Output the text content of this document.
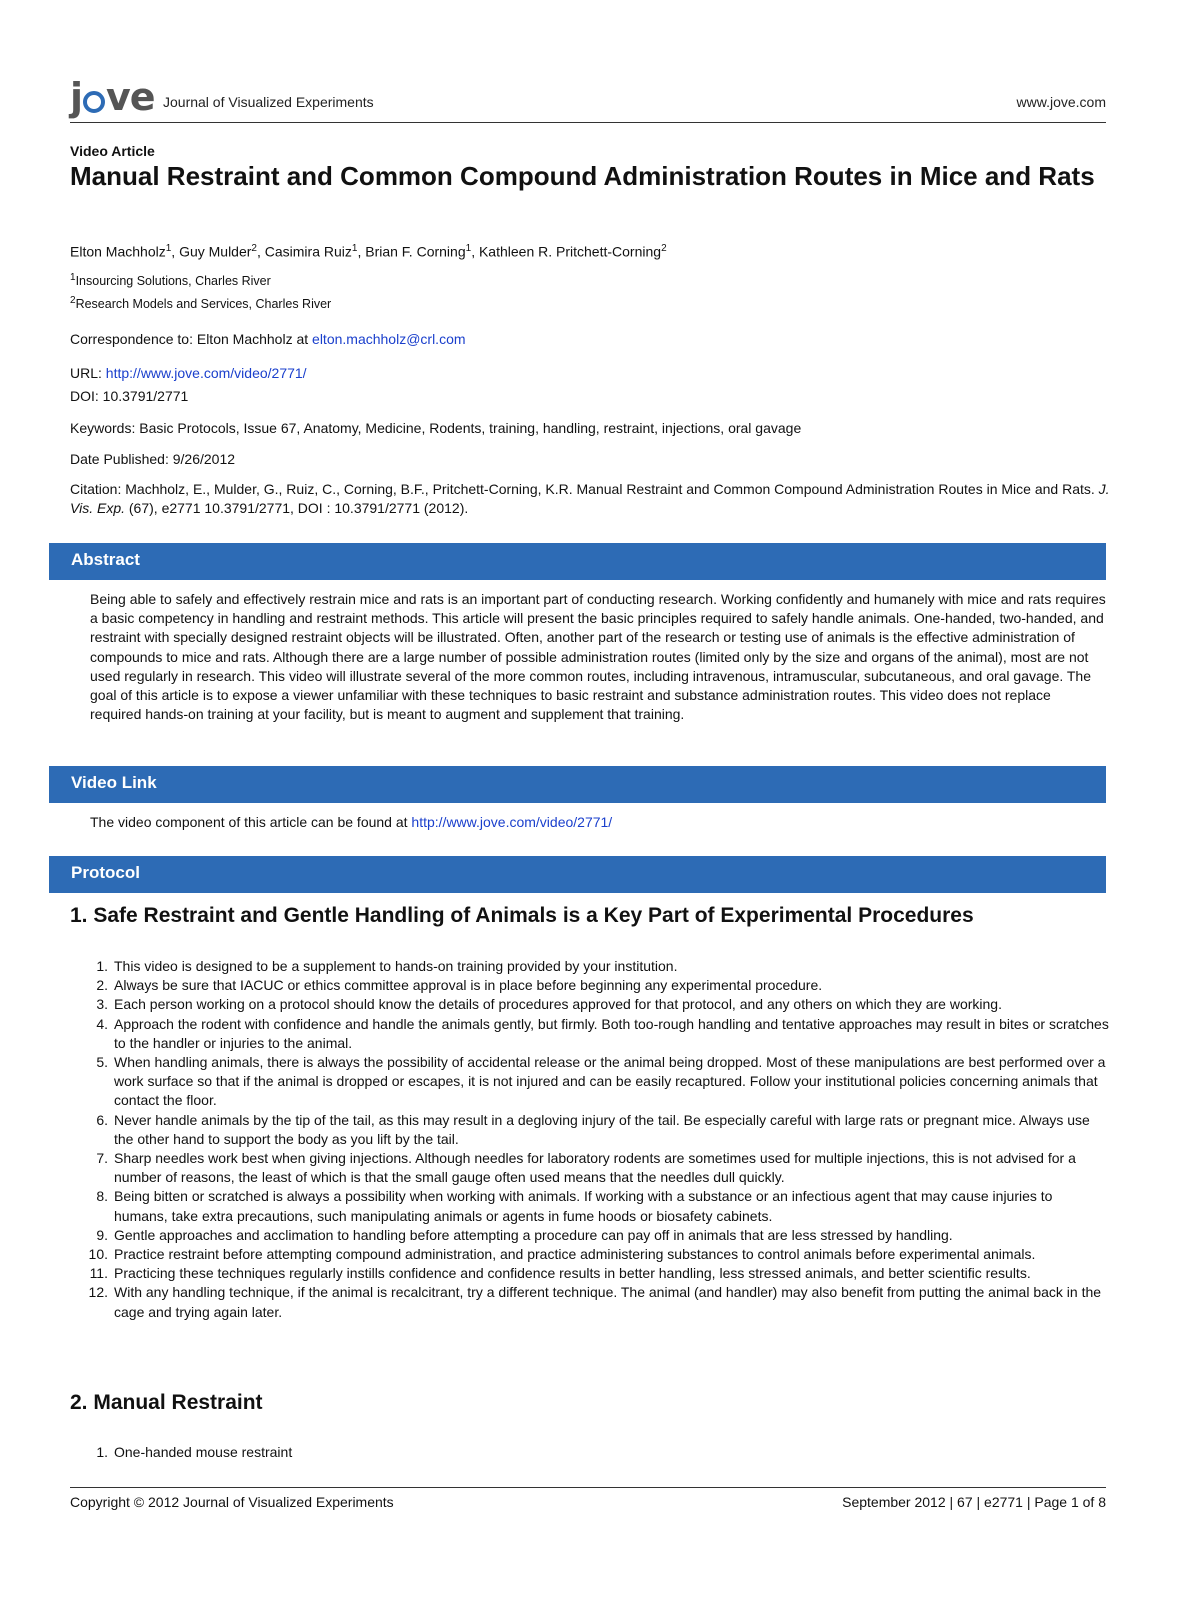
j ve Journal of Visualized Experiments	www.jove.com
Video Article
Manual Restraint and Common Compound Administration Routes in Mice and Rats
Elton Machholz$^1$, Guy Mulder$^2$, Casimira Ruiz$^1$, Brian F. Corning$^1$, Kathleen R. Pritchett-Corning$^2$
$^1$Insourcing Solutions, Charles River
$^2$Research Models and Services, Charles River
Correspondence to: Elton Machholz at elton.machholz@crl.com
URL: http://www.jove.com/video/2771/
DOI: 10.3791/2771
Keywords: Basic Protocols, Issue 67, Anatomy, Medicine, Rodents, training, handling, restraint, injections, oral gavage
Date Published: 9/26/2012
Citation: Machholz, E., Mulder, G., Ruiz, C., Corning, B.F., Pritchett-Corning, K.R. Manual Restraint and Common Compound Administration Routes in Mice and Rats. J. Vis. Exp. (67), e2771 10.3791/2771, DOI : 10.3791/2771 (2012).
Abstract
Being able to safely and effectively restrain mice and rats is an important part of conducting research. Working confidently and humanely with mice and rats requires a basic competency in handling and restraint methods. This article will present the basic principles required to safely handle animals. One-handed, two-handed, and restraint with specially designed restraint objects will be illustrated. Often, another part of the research or testing use of animals is the effective administration of compounds to mice and rats. Although there are a large number of possible administration routes (limited only by the size and organs of the animal), most are not used regularly in research. This video will illustrate several of the more common routes, including intravenous, intramuscular, subcutaneous, and oral gavage. The goal of this article is to expose a viewer unfamiliar with these techniques to basic restraint and substance administration routes. This video does not replace required hands-on training at your facility, but is meant to augment and supplement that training.
Video Link
The video component of this article can be found at http://www.jove.com/video/2771/
Protocol
1. Safe Restraint and Gentle Handling of Animals is a Key Part of Experimental Procedures
1. This video is designed to be a supplement to hands-on training provided by your institution.
2. Always be sure that IACUC or ethics committee approval is in place before beginning any experimental procedure.
3. Each person working on a protocol should know the details of procedures approved for that protocol, and any others on which they are working.
4. Approach the rodent with confidence and handle the animals gently, but firmly. Both too-rough handling and tentative approaches may result in bites or scratches to the handler or injuries to the animal.
5. When handling animals, there is always the possibility of accidental release or the animal being dropped. Most of these manipulations are best performed over a work surface so that if the animal is dropped or escapes, it is not injured and can be easily recaptured. Follow your institutional policies concerning animals that contact the floor.
6. Never handle animals by the tip of the tail, as this may result in a degloving injury of the tail. Be especially careful with large rats or pregnant mice. Always use the other hand to support the body as you lift by the tail.
7. Sharp needles work best when giving injections. Although needles for laboratory rodents are sometimes used for multiple injections, this is not advised for a number of reasons, the least of which is that the small gauge often used means that the needles dull quickly.
8. Being bitten or scratched is always a possibility when working with animals. If working with a substance or an infectious agent that may cause injuries to humans, take extra precautions, such manipulating animals or agents in fume hoods or biosafety cabinets.
9. Gentle approaches and acclimation to handling before attempting a procedure can pay off in animals that are less stressed by handling.
10. Practice restraint before attempting compound administration, and practice administering substances to control animals before experimental animals.
11. Practicing these techniques regularly instills confidence and confidence results in better handling, less stressed animals, and better scientific results.
12. With any handling technique, if the animal is recalcitrant, try a different technique. The animal (and handler) may also benefit from putting the animal back in the cage and trying again later.
2. Manual Restraint
1. One-handed mouse restraint
Copyright © 2012 Journal of Visualized Experiments	September 2012 | 67 | e2771 | Page 1 of 8
